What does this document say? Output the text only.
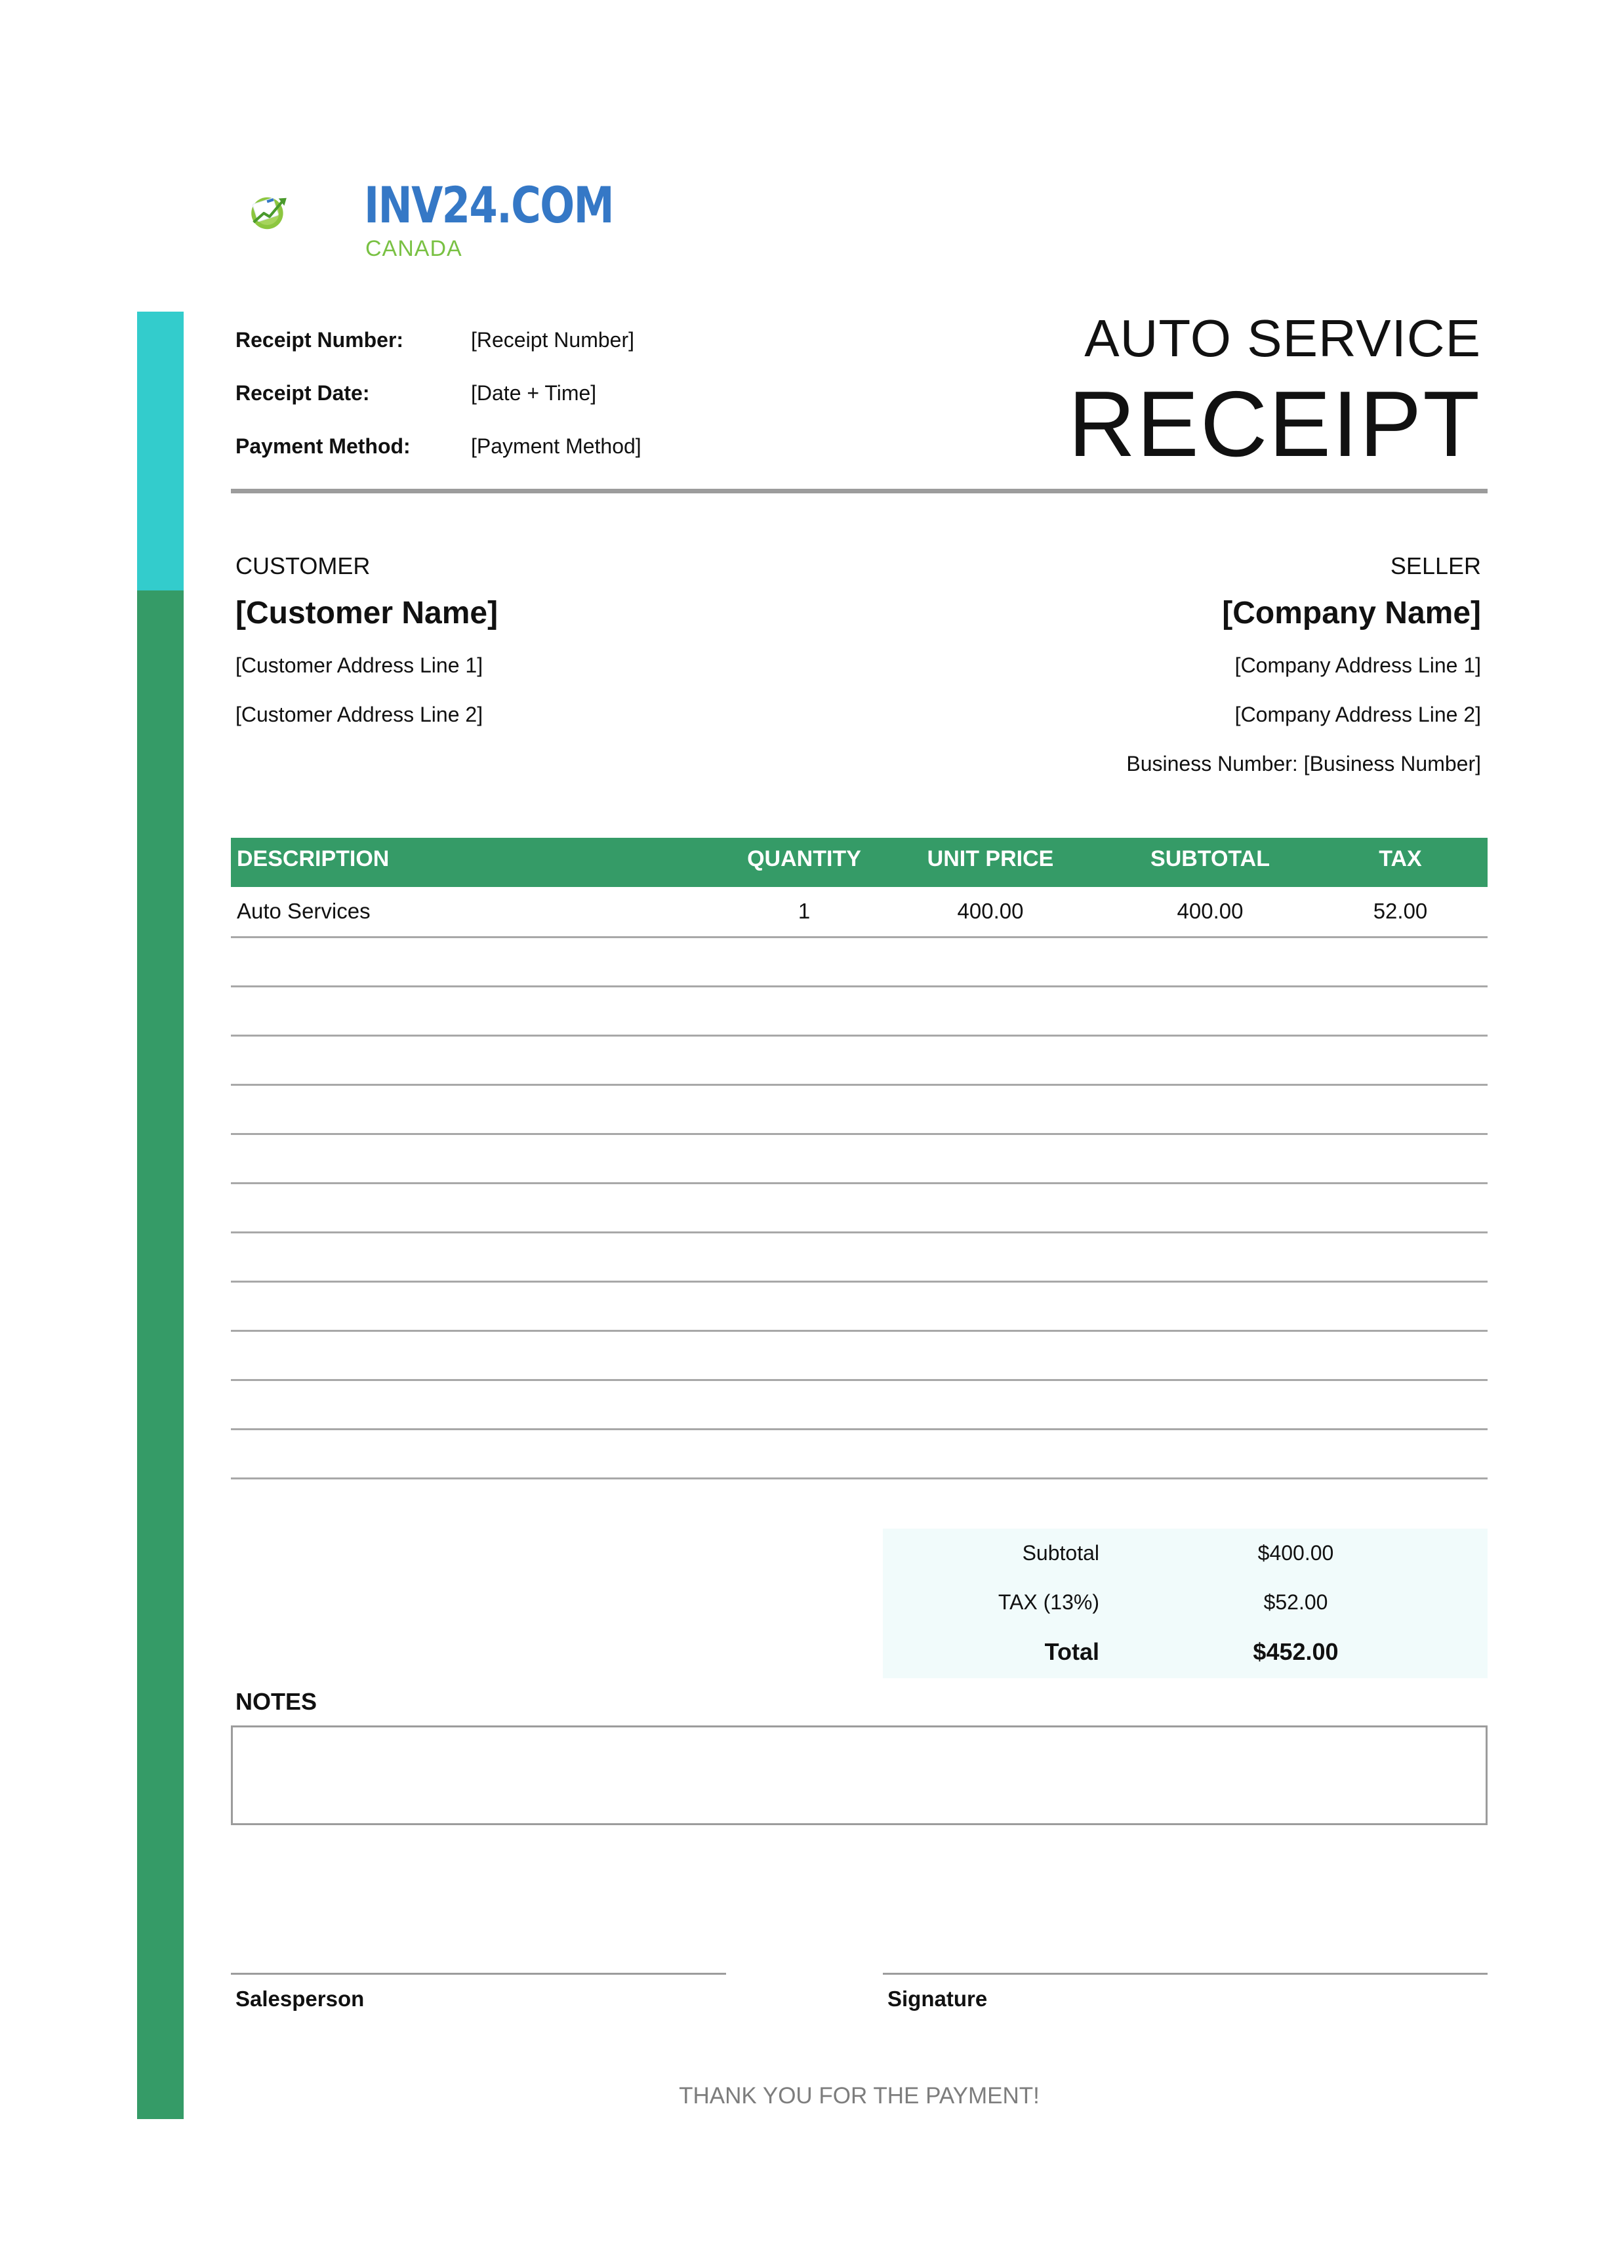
INV24.COM
CANADA
Receipt Number:	[Receipt Number]
Receipt Date:	[Date + Time]
Payment Method:	[Payment Method]
AUTO SERVICE
RECEIPT
CUSTOMER
[Customer Name]
[Customer Address Line 1]
[Customer Address Line 2]
SELLER
[Company Name]
[Company Address Line 1]
[Company Address Line 2]
Business Number: [Business Number]
DESCRIPTION	QUANTITY	UNIT PRICE	SUBTOTAL	TAX
Auto Services	1	400.00	400.00	52.00
Subtotal	$400.00
TAX (13%)	$52.00
Total	$452.00
NOTES
Salesperson	Signature
THANK YOU FOR THE PAYMENT!
